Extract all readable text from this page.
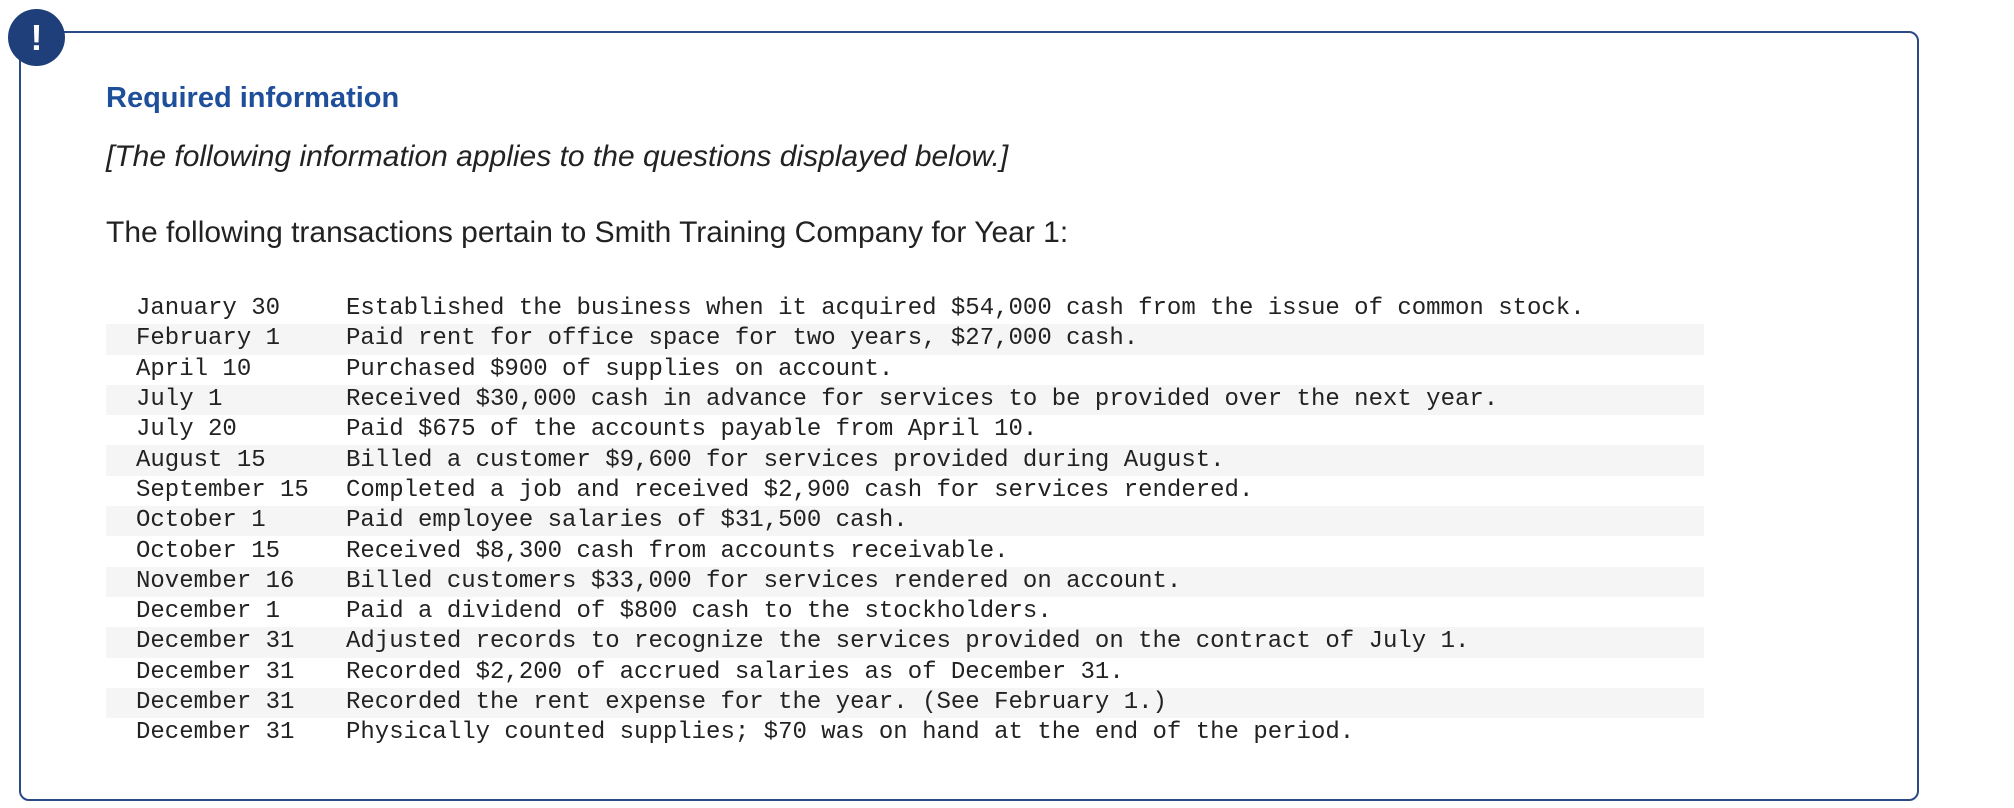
!
Required information
[The following information applies to the questions displayed below.]
The following transactions pertain to Smith Training Company for Year 1:
January 30	Established the business when it acquired $54,000 cash from the issue of common stock.
February 1	Paid rent for office space for two years, $27,000 cash.
April 10	Purchased $900 of supplies on account.
July 1	Received $30,000 cash in advance for services to be provided over the next year.
July 20	Paid $675 of the accounts payable from April 10.
August 15	Billed a customer $9,600 for services provided during August.
September 15	Completed a job and received $2,900 cash for services rendered.
October 1	Paid employee salaries of $31,500 cash.
October 15	Received $8,300 cash from accounts receivable.
November 16	Billed customers $33,000 for services rendered on account.
December 1	Paid a dividend of $800 cash to the stockholders.
December 31	Adjusted records to recognize the services provided on the contract of July 1.
December 31	Recorded $2,200 of accrued salaries as of December 31.
December 31	Recorded the rent expense for the year. (See February 1.)
December 31	Physically counted supplies; $70 was on hand at the end of the period.
